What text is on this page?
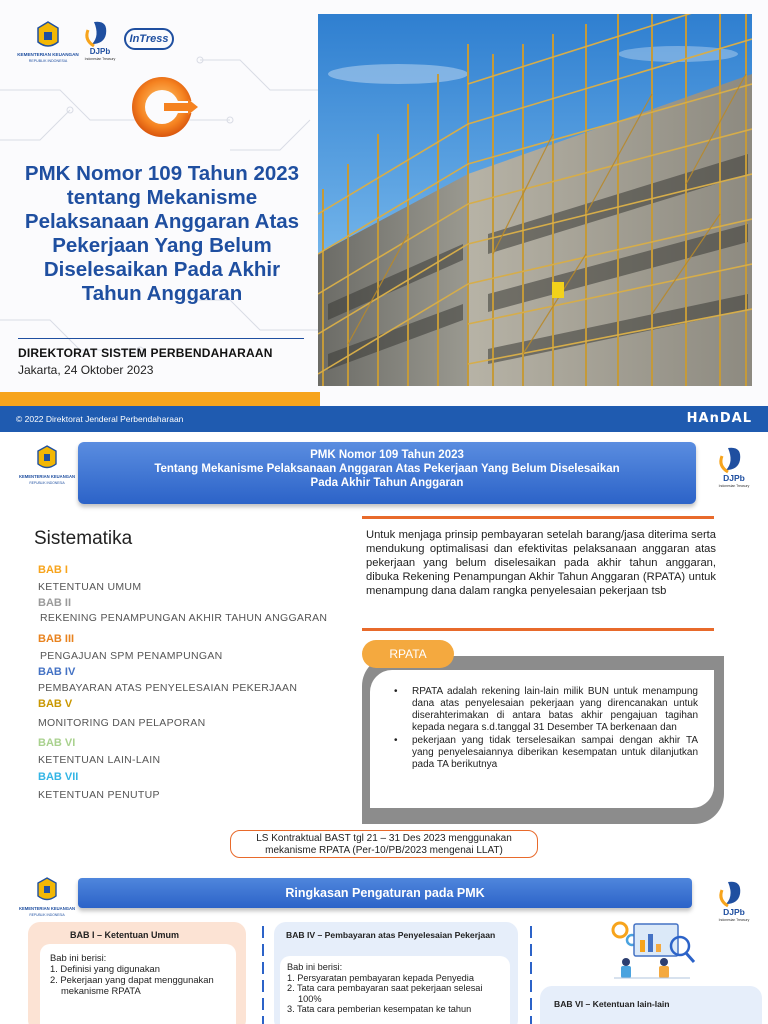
KEMENTERIAN KEUANGAN
REPUBLIK INDONESIA
DJPb
Indonesian Treasury
InTress
PMK Nomor 109 Tahun 2023 tentang Mekanisme Pelaksanaan Anggaran Atas Pekerjaan Yang Belum Diselesaikan Pada Akhir Tahun Anggaran
DIREKTORAT SISTEM PERBENDAHARAAN
Jakarta, 24 Oktober 2023
© 2022 Direktorat Jenderal Perbendaharaan	HAnDAL
KEMENTERIAN KEUANGAN
REPUBLIK INDONESIA
PMK Nomor 109 Tahun 2023
Tentang Mekanisme Pelaksanaan Anggaran Atas Pekerjaan Yang Belum Diselesaikan
Pada Akhir Tahun Anggaran	DJPb
Indonesian Treasury
Sistematika
BAB I
KETENTUAN UMUM
BAB II
REKENING PENAMPUNGAN AKHIR TAHUN ANGGARAN
BAB III
PENGAJUAN SPM PENAMPUNGAN
BAB IV
PEMBAYARAN ATAS PENYELESAIAN PEKERJAAN
BAB V
MONITORING DAN PELAPORAN
BAB VI
KETENTUAN LAIN-LAIN
BAB VII
KETENTUAN PENUTUP
Untuk menjaga prinsip pembayaran setelah barang/jasa diterima serta mendukung optimalisasi dan efektivitas pelaksanaan anggaran atas pekerjaan yang belum diselesaikan pada akhir tahun anggaran, dibuka Rekening Penampungan Akhir Tahun Anggaran (RPATA) untuk menampung dana dalam rangka penyelesaian pekerjaan tsb
RPATA
• RPATA adalah rekening lain-lain milik BUN untuk menampung dana atas penyelesaian pekerjaan yang direncanakan untuk diserahterimakan di antara batas akhir pengajuan tagihan kepada negara s.d.tanggal 31 Desember TA berkenaan dan
• pekerjaan yang tidak terselesaikan sampai dengan akhir TA yang penyelesaiannya diberikan kesempatan untuk dilanjutkan pada TA berikutnya
LS Kontraktual BAST tgl 21 – 31 Des 2023 menggunakan
mekanisme RPATA (Per-10/PB/2023 mengenai LLAT)
KEMENTERIAN KEUANGAN
REPUBLIK INDONESIA
Ringkasan Pengaturan pada PMK
DJPb
Indonesian Treasury
BAB I – Ketentuan Umum
Bab ini berisi:
1. Definisi yang digunakan
2. Pekerjaan yang dapat menggunakan
mekanisme RPATA
BAB IV – Pembayaran atas Penyelesaian Pekerjaan
Bab ini berisi:
1. Persyaratan pembayaran kepada Penyedia
2. Tata cara pembayaran saat pekerjaan selesai
100%
3. Tata cara pemberian kesempatan ke tahun	BAB VI – Ketentuan lain-lain
